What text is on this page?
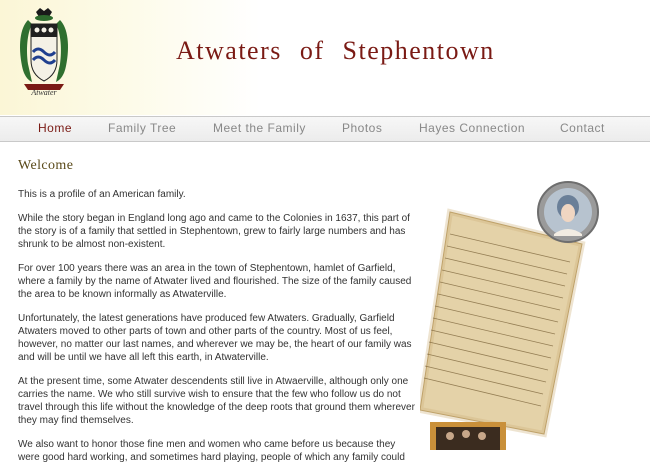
Atwater
Atwaters of Stephentown
Home	Family Tree	Meet the Family	Photos	Hayes Connection	Contact
Welcome

This is a profile of an American family.

While the story began in England long ago and came to the Colonies in 1637, this part of the story is of a family that settled in Stephentown, grew to fairly large numbers and has shrunk to be almost non-existent.

For over 100 years there was an area in the town of Stephentown, hamlet of Garfield, where a family by the name of Atwater lived and flourished. The size of the family caused the area to be known informally as Atwaterville.

Unfortunately, the latest generations have produced few Atwaters. Gradually, Garfield Atwaters moved to other parts of town and other parts of the country. Most of us feel, however, no matter our last names, and wherever we may be, the heart of our family was and will be until we have all left this earth, in Atwaterville.

At the present time, some Atwater descendents still live in Atwaerville, although only one carries the name. We who still survive wish to ensure that the few who follow us do not travel through this life without the knowledge of the deep roots that ground them wherever they may find themselves.

We also want to honor those fine men and women who came before us because they were good hard working, and sometimes hard playing, people of which any family could
